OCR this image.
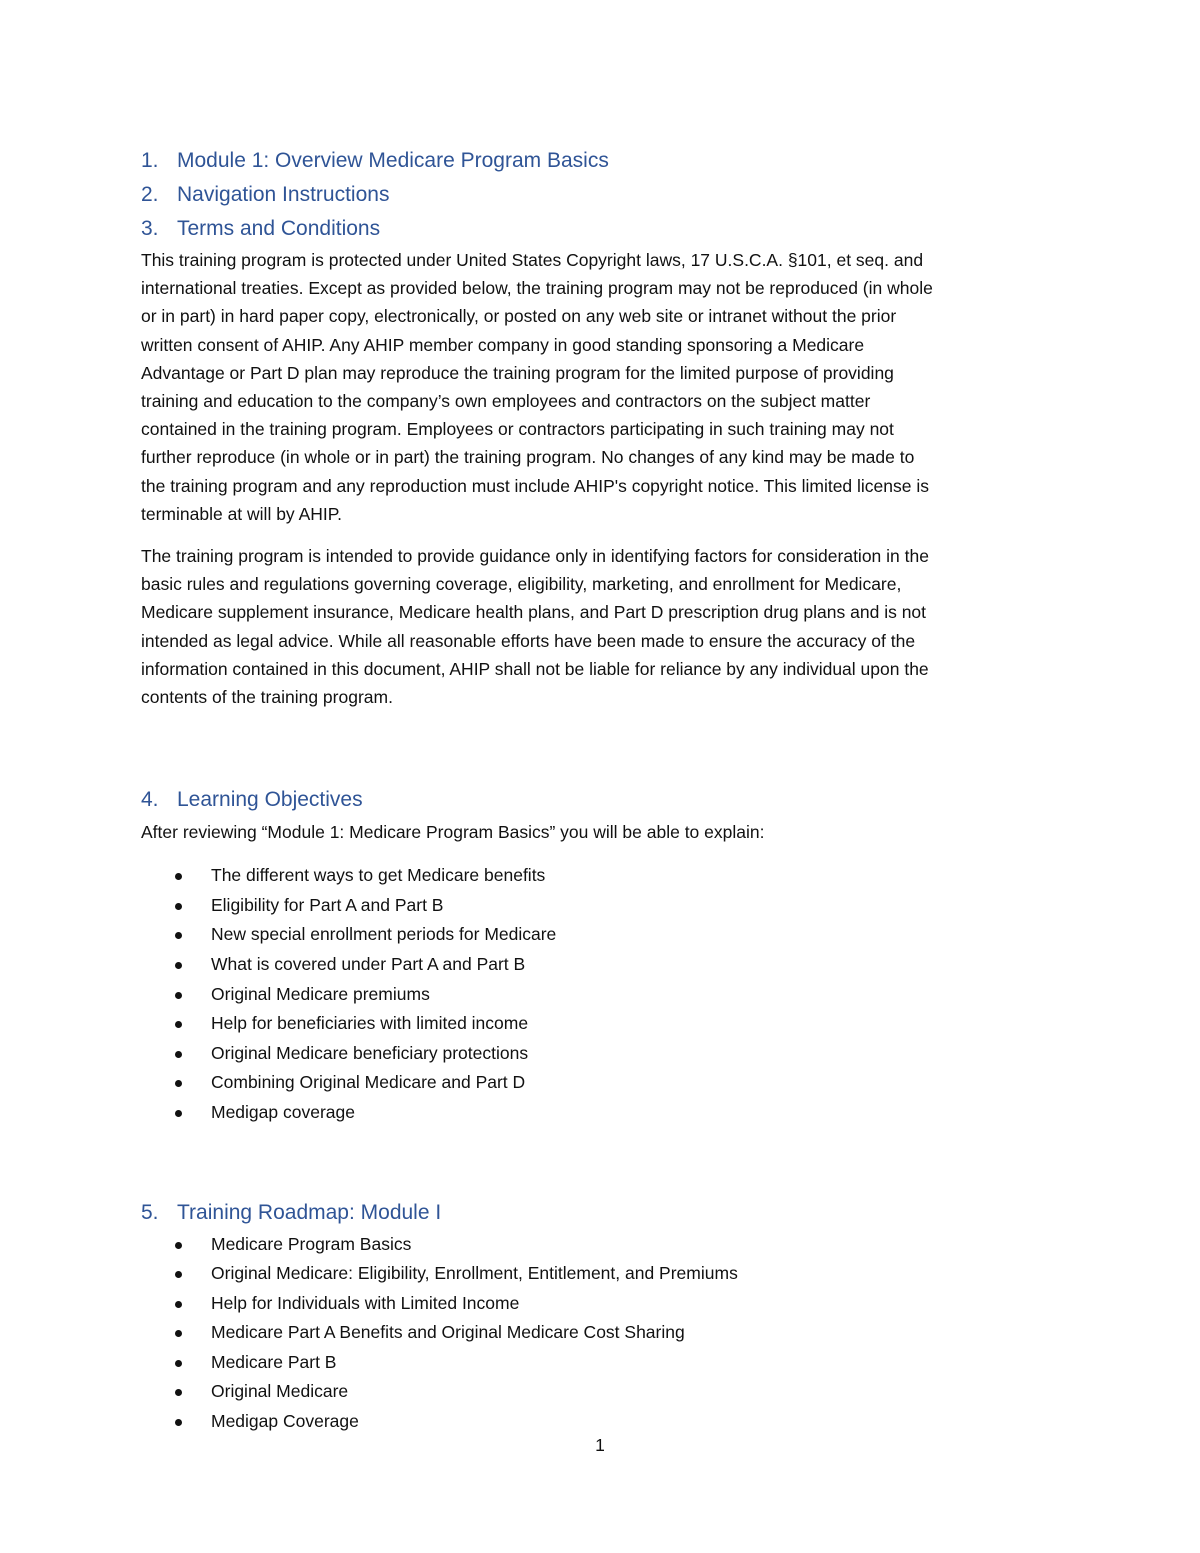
1. Module 1: Overview Medicare Program Basics
2. Navigation Instructions
3. Terms and Conditions
This training program is protected under United States Copyright laws, 17 U.S.C.A. §101, et seq. and
international treaties. Except as provided below, the training program may not be reproduced (in whole
or in part) in hard paper copy, electronically, or posted on any web site or intranet without the prior
written consent of AHIP. Any AHIP member company in good standing sponsoring a Medicare
Advantage or Part D plan may reproduce the training program for the limited purpose of providing
training and education to the company’s own employees and contractors on the subject matter
contained in the training program. Employees or contractors participating in such training may not
further reproduce (in whole or in part) the training program. No changes of any kind may be made to
the training program and any reproduction must include AHIP's copyright notice. This limited license is
terminable at will by AHIP.
The training program is intended to provide guidance only in identifying factors for consideration in the
basic rules and regulations governing coverage, eligibility, marketing, and enrollment for Medicare,
Medicare supplement insurance, Medicare health plans, and Part D prescription drug plans and is not
intended as legal advice. While all reasonable efforts have been made to ensure the accuracy of the
information contained in this document, AHIP shall not be liable for reliance by any individual upon the
contents of the training program.
4. Learning Objectives

After reviewing “Module 1: Medicare Program Basics” you will be able to explain:

The different ways to get Medicare benefits
Eligibility for Part A and Part B
New special enrollment periods for Medicare
What is covered under Part A and Part B
Original Medicare premiums
Help for beneficiaries with limited income
Original Medicare beneficiary protections
Combining Original Medicare and Part D
Medigap coverage
5. Training Roadmap: Module I
Medicare Program Basics
Original Medicare: Eligibility, Enrollment, Entitlement, and Premiums
Help for Individuals with Limited Income
Medicare Part A Benefits and Original Medicare Cost Sharing
Medicare Part B
Original Medicare
Medigap Coverage
1
